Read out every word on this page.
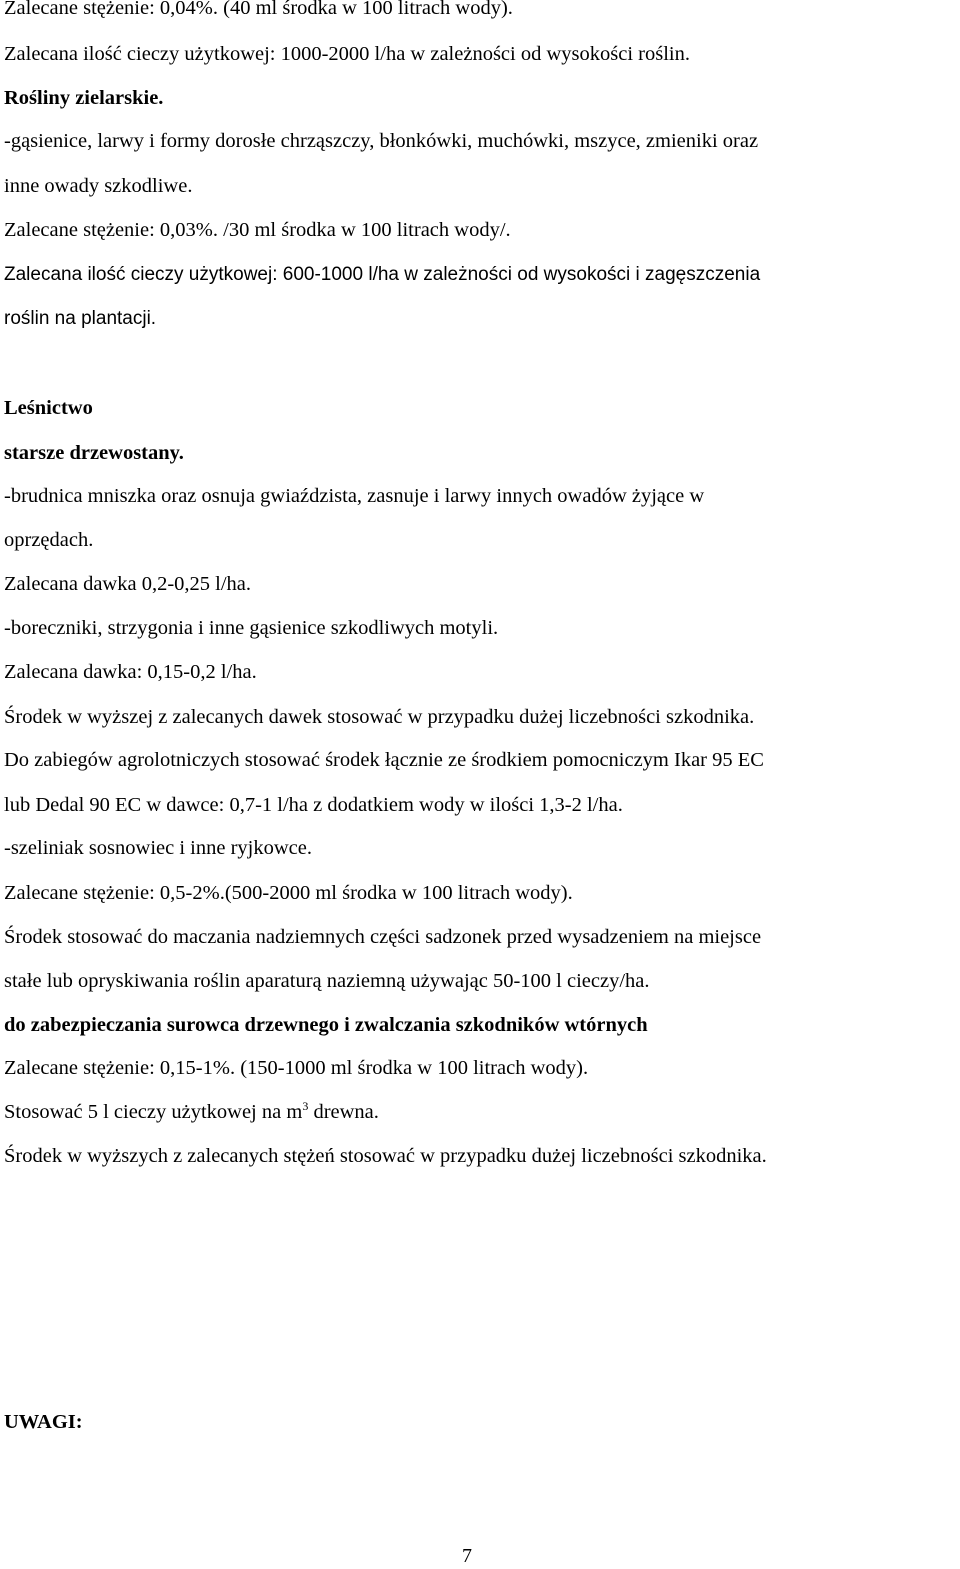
Zalecane stężenie: 0,04%. (40 ml środka w 100 litrach wody).

Zalecana ilość cieczy użytkowej: 1000-2000 l/ha w zależności od wysokości roślin.

Rośliny zielarskie.

-gąsienice, larwy i formy dorosłe chrząszczy, błonkówki, muchówki, mszyce, zmieniki oraz

inne owady szkodliwe.

Zalecane stężenie: 0,03%. /30 ml środka w 100 litrach wody/.

Zalecana ilość cieczy użytkowej: 600-1000 l/ha w zależności od wysokości i zagęszczenia

roślin na plantacji.

Leśnictwo

starsze drzewostany.

-brudnica mniszka oraz osnuja gwiaździsta, zasnuje i larwy innych owadów żyjące w

oprzędach.

Zalecana dawka 0,2-0,25 l/ha.

-boreczniki, strzygonia i inne gąsienice szkodliwych motyli.

Zalecana dawka: 0,15-0,2 l/ha.

Środek w wyższej z zalecanych dawek stosować w przypadku dużej liczebności szkodnika.

Do zabiegów agrolotniczych stosować środek łącznie ze środkiem pomocniczym Ikar 95 EC

lub Dedal 90 EC w dawce: 0,7-1 l/ha z dodatkiem wody w ilości 1,3-2 l/ha.

-szeliniak sosnowiec i inne ryjkowce.

Zalecane stężenie: 0,5-2%.(500-2000 ml środka w 100 litrach wody).

Środek stosować do maczania nadziemnych części sadzonek przed wysadzeniem na miejsce

stałe lub opryskiwania roślin aparaturą naziemną używając 50-100 l cieczy/ha.

do zabezpieczania surowca drzewnego i zwalczania szkodników wtórnych

Zalecane stężenie: 0,15-1%. (150-1000 ml środka w 100 litrach wody).

Stosować 5 l cieczy użytkowej na $m^3$ drewna.

Środek w wyższych z zalecanych stężeń stosować w przypadku dużej liczebności szkodnika.

UWAGI:

7
